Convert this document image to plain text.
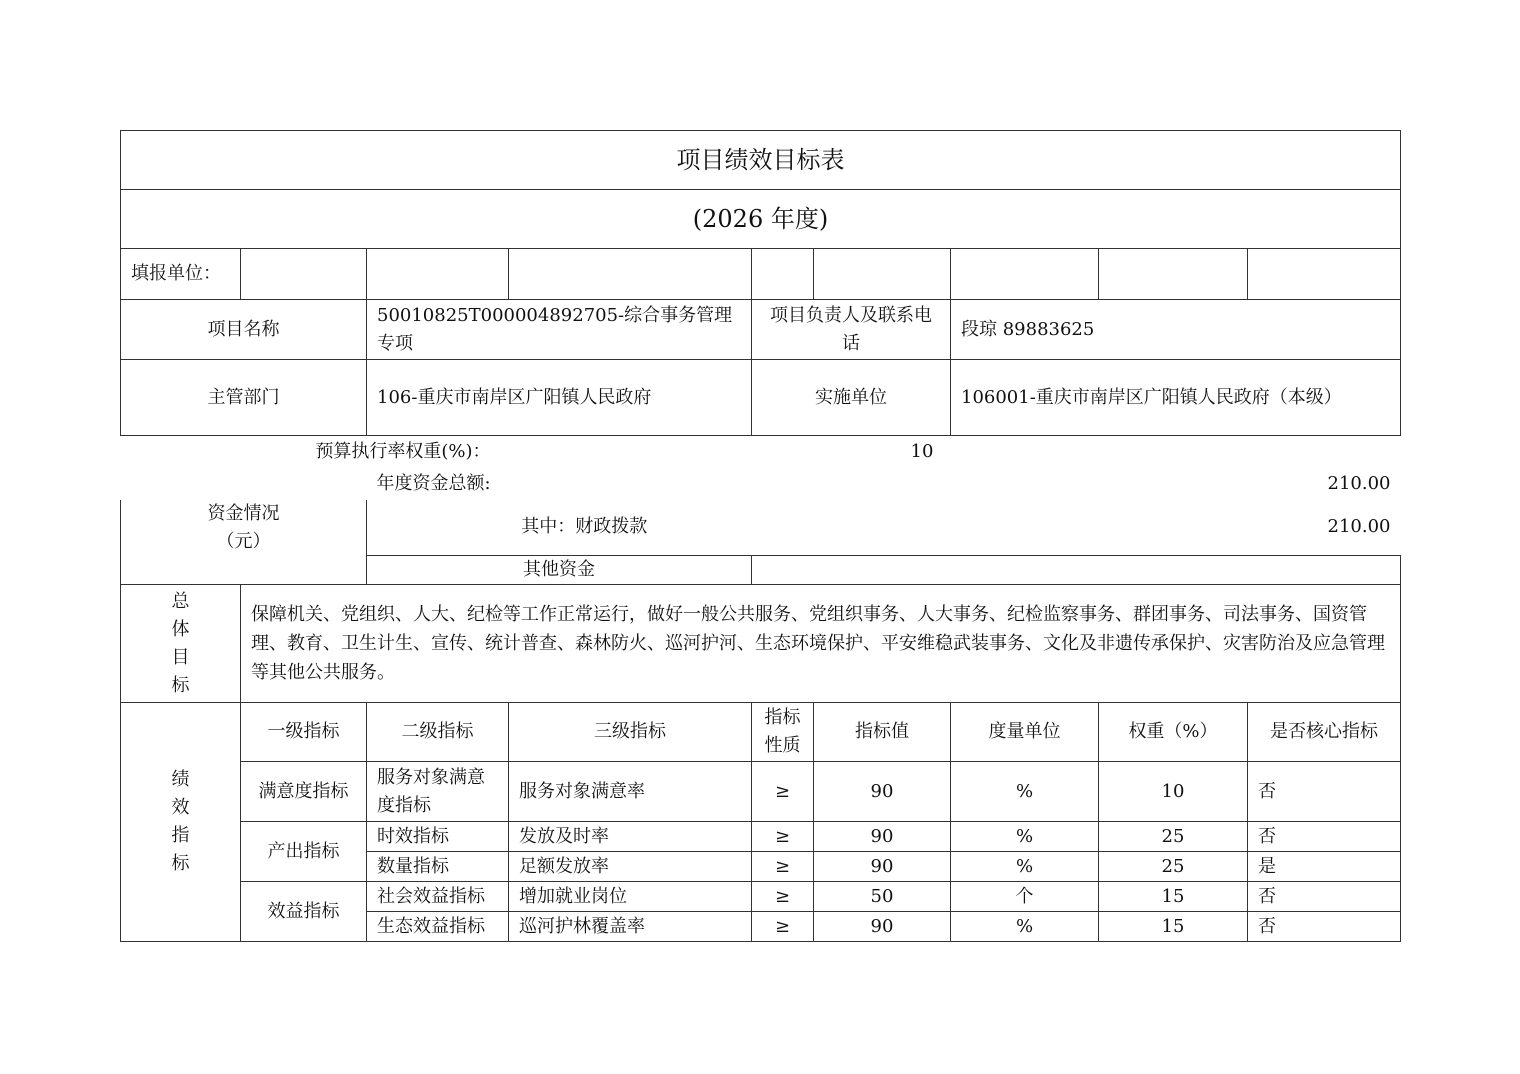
项目绩效目标表								
(2026 年度)								
填报单位：								
项目名称		50010825T000004892705-综合事务管理专项		项目负责人及联系电话		段琼 89883625		
主管部门		106-重庆市南岸区广阳镇人民政府		实施单位		106001-重庆市南岸区广阳镇人民政府（本级）		
预算执行率权重(%)：						10		
		年度资金总额:		210.00				

资金情况
（元）		其中：财政拨款		210.00				
		其他资金						

总
体
目
标	保障机关、党组织、人大、纪检等工作正常运行，做好一般公共服务、党组织事务、人大事务、纪检监察事务、群团事务、司法事务、国资管理、教育、卫生计生、宣传、统计普查、森林防火、巡河护河、生态环境保护、平安维稳武装事务、文化及非遗传承保护、灾害防治及应急管理等其他公共服务。							

绩
效
指
标	一级指标	二级指标	三级指标	指标性质	指标值	度量单位	权重（%）	是否核心指标
	满意度指标	服务对象满意度指标	服务对象满意率	≥	90	%	10	否
	产出指标	时效指标	发放及时率	≥	90	%	25	否
		数量指标	足额发放率	≥	90	%	25	是
	效益指标	社会效益指标	增加就业岗位	≥	50	个	15	否
		生态效益指标	巡河护林覆盖率	≥	90	%	15	否
